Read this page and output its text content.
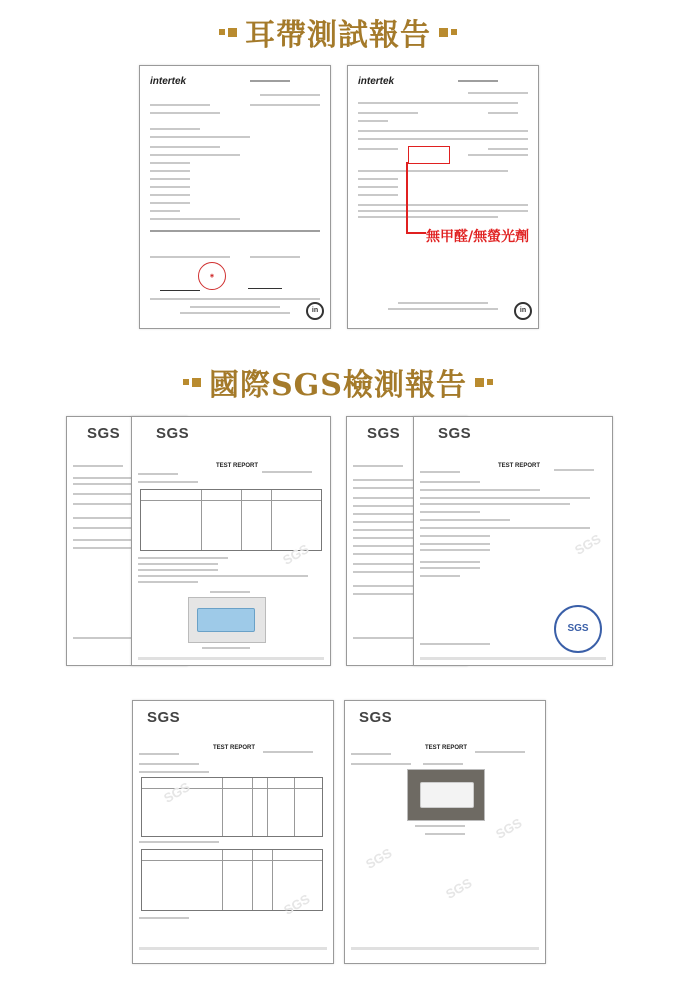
耳帶測試報告
intertek
◉
in
intertek
無甲醛/無螢光劑
in
國際SGS檢測報告
SGS SGS
TEST REPORT
SGS
SGS	SGS
TEST REPORT
SGS
SGS
SGS
TEST REPORT
SGS
SGS
SGS
TEST REPORT
SGS
SGS
SGS
